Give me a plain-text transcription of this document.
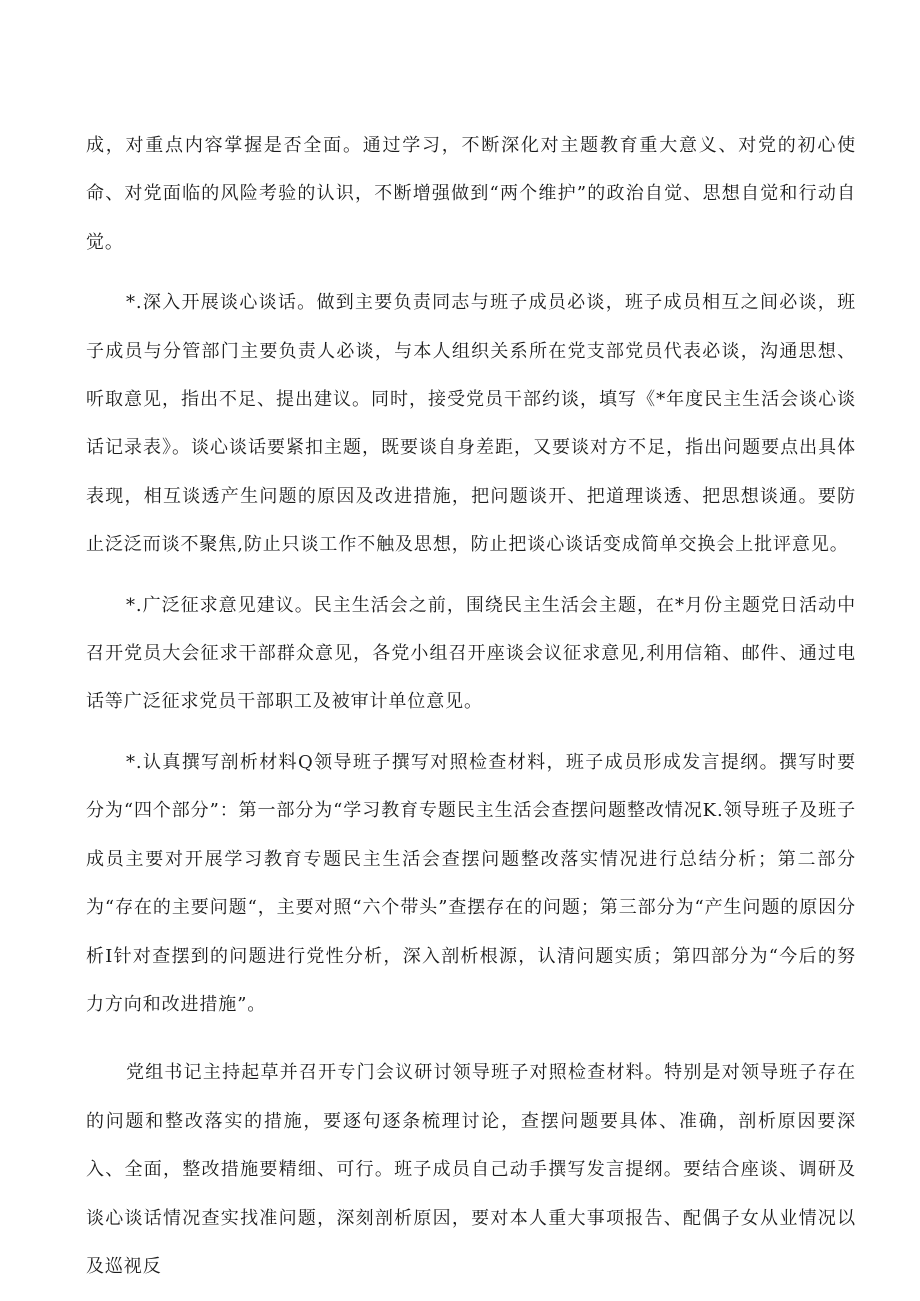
成，对重点内容掌握是否全面。通过学习，不断深化对主题教育重大意义、对党的初心使命、对党面临的风险考验的认识，不断增强做到“两个维护”的政治自觉、思想自觉和行动自觉。

*.深入开展谈心谈话。做到主要负责同志与班子成员必谈，班子成员相互之间必谈，班子成员与分管部门主要负责人必谈，与本人组织关系所在党支部党员代表必谈，沟通思想、听取意见，指出不足、提出建议。同时，接受党员干部约谈，填写《*年度民主生活会谈心谈话记录表》。谈心谈话要紧扣主题，既要谈自身差距，又要谈对方不足，指出问题要点出具体表现，相互谈透产生问题的原因及改进措施，把问题谈开、把道理谈透、把思想谈通。要防止泛泛而谈不聚焦,防止只谈工作不触及思想，防止把谈心谈话变成简单交换会上批评意见。

*.广泛征求意见建议。民主生活会之前，围绕民主生活会主题，在*月份主题党日活动中召开党员大会征求干部群众意见，各党小组召开座谈会议征求意见,利用信箱、邮件、通过电话等广泛征求党员干部职工及被审计单位意见。

*.认真撰写剖析材料Q领导班子撰写对照检查材料，班子成员形成发言提纲。撰写时要分为“四个部分”：第一部分为“学习教育专题民主生活会查摆问题整改情况K.领导班子及班子成员主要对开展学习教育专题民主生活会查摆问题整改落实情况进行总结分析；第二部分为“存在的主要问题“，主要对照“六个带头”查摆存在的问题；第三部分为“产生问题的原因分析I针对查摆到的问题进行党性分析，深入剖析根源，认清问题实质；第四部分为“今后的努力方向和改进措施”。

党组书记主持起草并召开专门会议研讨领导班子对照检查材料。特别是对领导班子存在的问题和整改落实的措施，要逐句逐条梳理讨论，查摆问题要具体、准确，剖析原因要深入、全面，整改措施要精细、可行。班子成员自己动手撰写发言提纲。要结合座谈、调研及谈心谈话情况查实找准问题，深刻剖析原因，要对本人重大事项报告、配偶子女从业情况以及巡视反
